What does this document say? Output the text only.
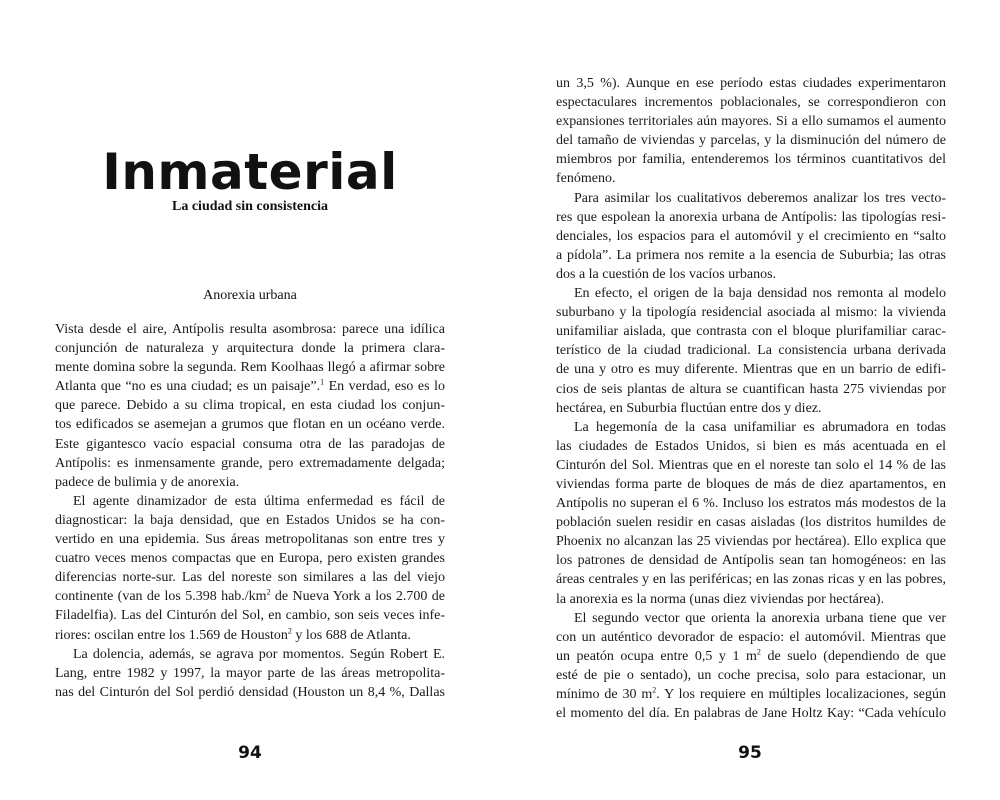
Inmaterial
La ciudad sin consistencia
Anorexia urbana
Vista desde el aire, Antípolis resulta asombrosa: parece una idílica
conjunción de naturaleza y arquitectura donde la primera clara-
mente domina sobre la segunda. Rem Koolhaas llegó a afirmar sobre
Atlanta que “no es una ciudad; es un paisaje”.$^1$ En verdad, eso es lo
que parece. Debido a su clima tropical, en esta ciudad los conjun-
tos edificados se asemejan a grumos que flotan en un océano verde.
Este gigantesco vacío espacial consuma otra de las paradojas de
Antípolis: es inmensamente grande, pero extremadamente delgada;
padece de bulimia y de anorexia.
El agente dinamizador de esta última enfermedad es fácil de
diagnosticar: la baja densidad, que en Estados Unidos se ha con-
vertido en una epidemia. Sus áreas metropolitanas son entre tres y
cuatro veces menos compactas que en Europa, pero existen grandes
diferencias norte-sur. Las del noreste son similares a las del viejo
continente (van de los 5.398 $hab./km^2$ de Nueva York a los 2.700 de
Filadelfia). Las del Cinturón del Sol, en cambio, son seis veces infe-
riores: oscilan entre los 1.569 de Houston$^2$ y los 688 de Atlanta.
La dolencia, además, se agrava por momentos. Según Robert E.
Lang, entre 1982 y 1997, la mayor parte de las áreas metropolita-
nas del Cinturón del Sol perdió densidad (Houston un 8,4 %, Dallas
94
un 3,5 %). Aunque en ese período estas ciudades experimentaron
espectaculares incrementos poblacionales, se correspondieron con
expansiones territoriales aún mayores. Si a ello sumamos el aumento
del tamaño de viviendas y parcelas, y la disminución del número de
miembros por familia, entenderemos los términos cuantitativos del
fenómeno.
Para asimilar los cualitativos deberemos analizar los tres vecto-
res que espolean la anorexia urbana de Antípolis: las tipologías resi-
denciales, los espacios para el automóvil y el crecimiento en “salto
a pídola”. La primera nos remite a la esencia de Suburbia; las otras
dos a la cuestión de los vacíos urbanos.
En efecto, el origen de la baja densidad nos remonta al modelo
suburbano y la tipología residencial asociada al mismo: la vivienda
unifamiliar aislada, que contrasta con el bloque plurifamiliar carac-
terístico de la ciudad tradicional. La consistencia urbana derivada
de una y otro es muy diferente. Mientras que en un barrio de edifi-
cios de seis plantas de altura se cuantifican hasta 275 viviendas por
hectárea, en Suburbia fluctúan entre dos y diez.
La hegemonía de la casa unifamiliar es abrumadora en todas
las ciudades de Estados Unidos, si bien es más acentuada en el
Cinturón del Sol. Mientras que en el noreste tan solo el 14 % de las
viviendas forma parte de bloques de más de diez apartamentos, en
Antípolis no superan el 6 %. Incluso los estratos más modestos de la
población suelen residir en casas aisladas (los distritos humildes de
Phoenix no alcanzan las 25 viviendas por hectárea). Ello explica que
los patrones de densidad de Antípolis sean tan homogéneos: en las
áreas centrales y en las periféricas; en las zonas ricas y en las pobres,
la anorexia es la norma (unas diez viviendas por hectárea).
El segundo vector que orienta la anorexia urbana tiene que ver
con un auténtico devorador de espacio: el automóvil. Mientras que
un peatón ocupa entre 0,5 y 1 $m^2$ de suelo (dependiendo de que
esté de pie o sentado), un coche precisa, solo para estacionar, un
mínimo de 30 $m^2$. Y los requiere en múltiples localizaciones, según
el momento del día. En palabras de Jane Holtz Kay: “Cada vehículo
95
